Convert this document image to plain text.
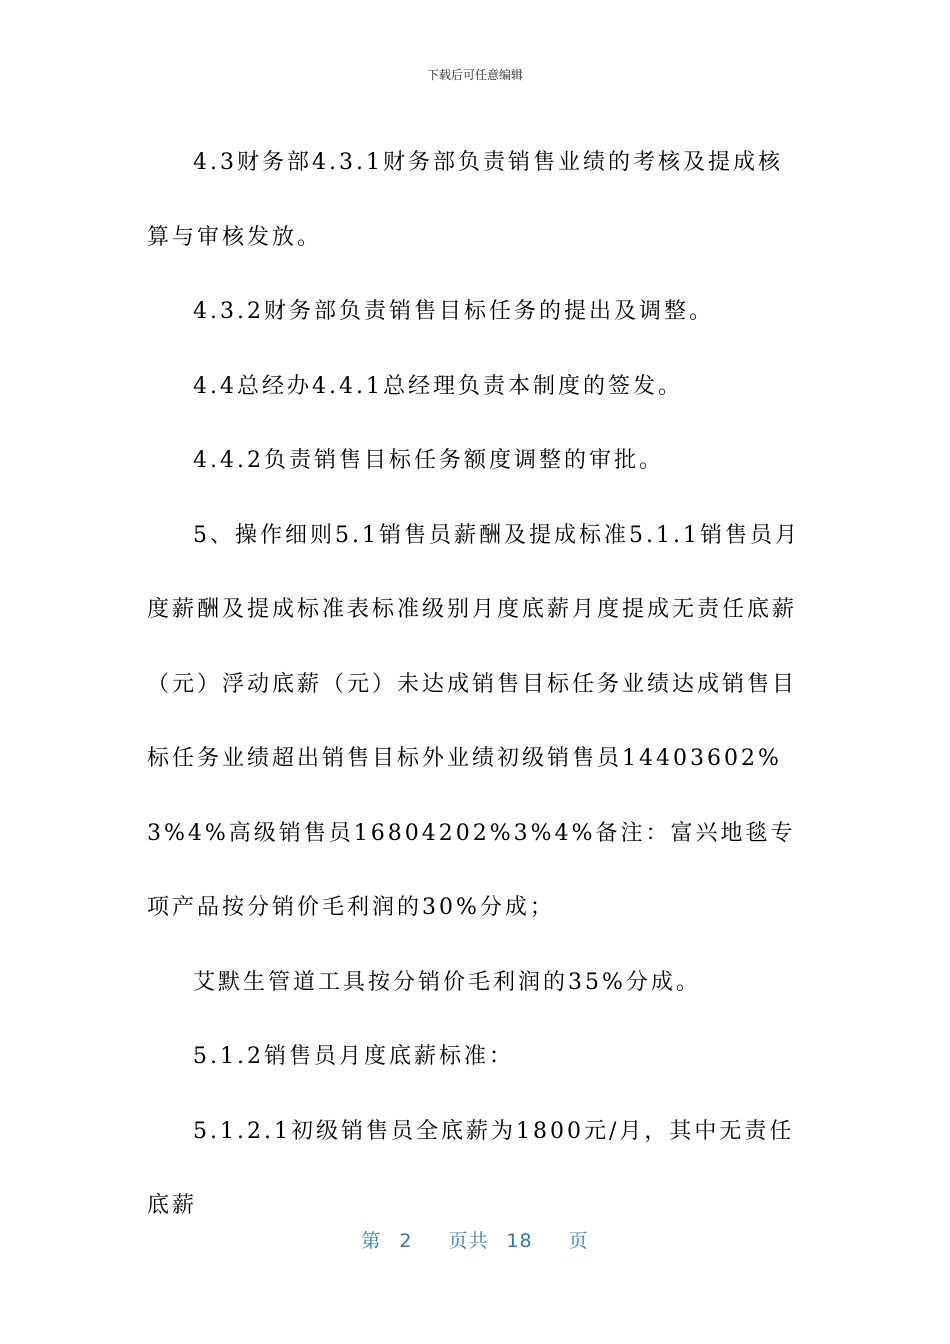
下载后可任意编辑

4.3财务部4.3.1财务部负责销售业绩的考核及提成核算与审核发放。

4.3.2财务部负责销售目标任务的提出及调整。

4.4总经办4.4.1总经理负责本制度的签发。

4.4.2负责销售目标任务额度调整的审批。

5、操作细则5.1销售员薪酬及提成标准5.1.1销售员月度薪酬及提成标准表标准级别月度底薪月度提成无责任底薪（元）浮动底薪（元）未达成销售目标任务业绩达成销售目标任务业绩超出销售目标外业绩初级销售员14403602%3%4%高级销售员16804202%3%4%备注：富兴地毯专项产品按分销价毛利润的30%分成；

艾默生管道工具按分销价毛利润的35%分成。

5.1.2销售员月度底薪标准：

5.1.2.1初级销售员全底薪为1800元/月，其中无责任底薪

第 2 页共 18 页
